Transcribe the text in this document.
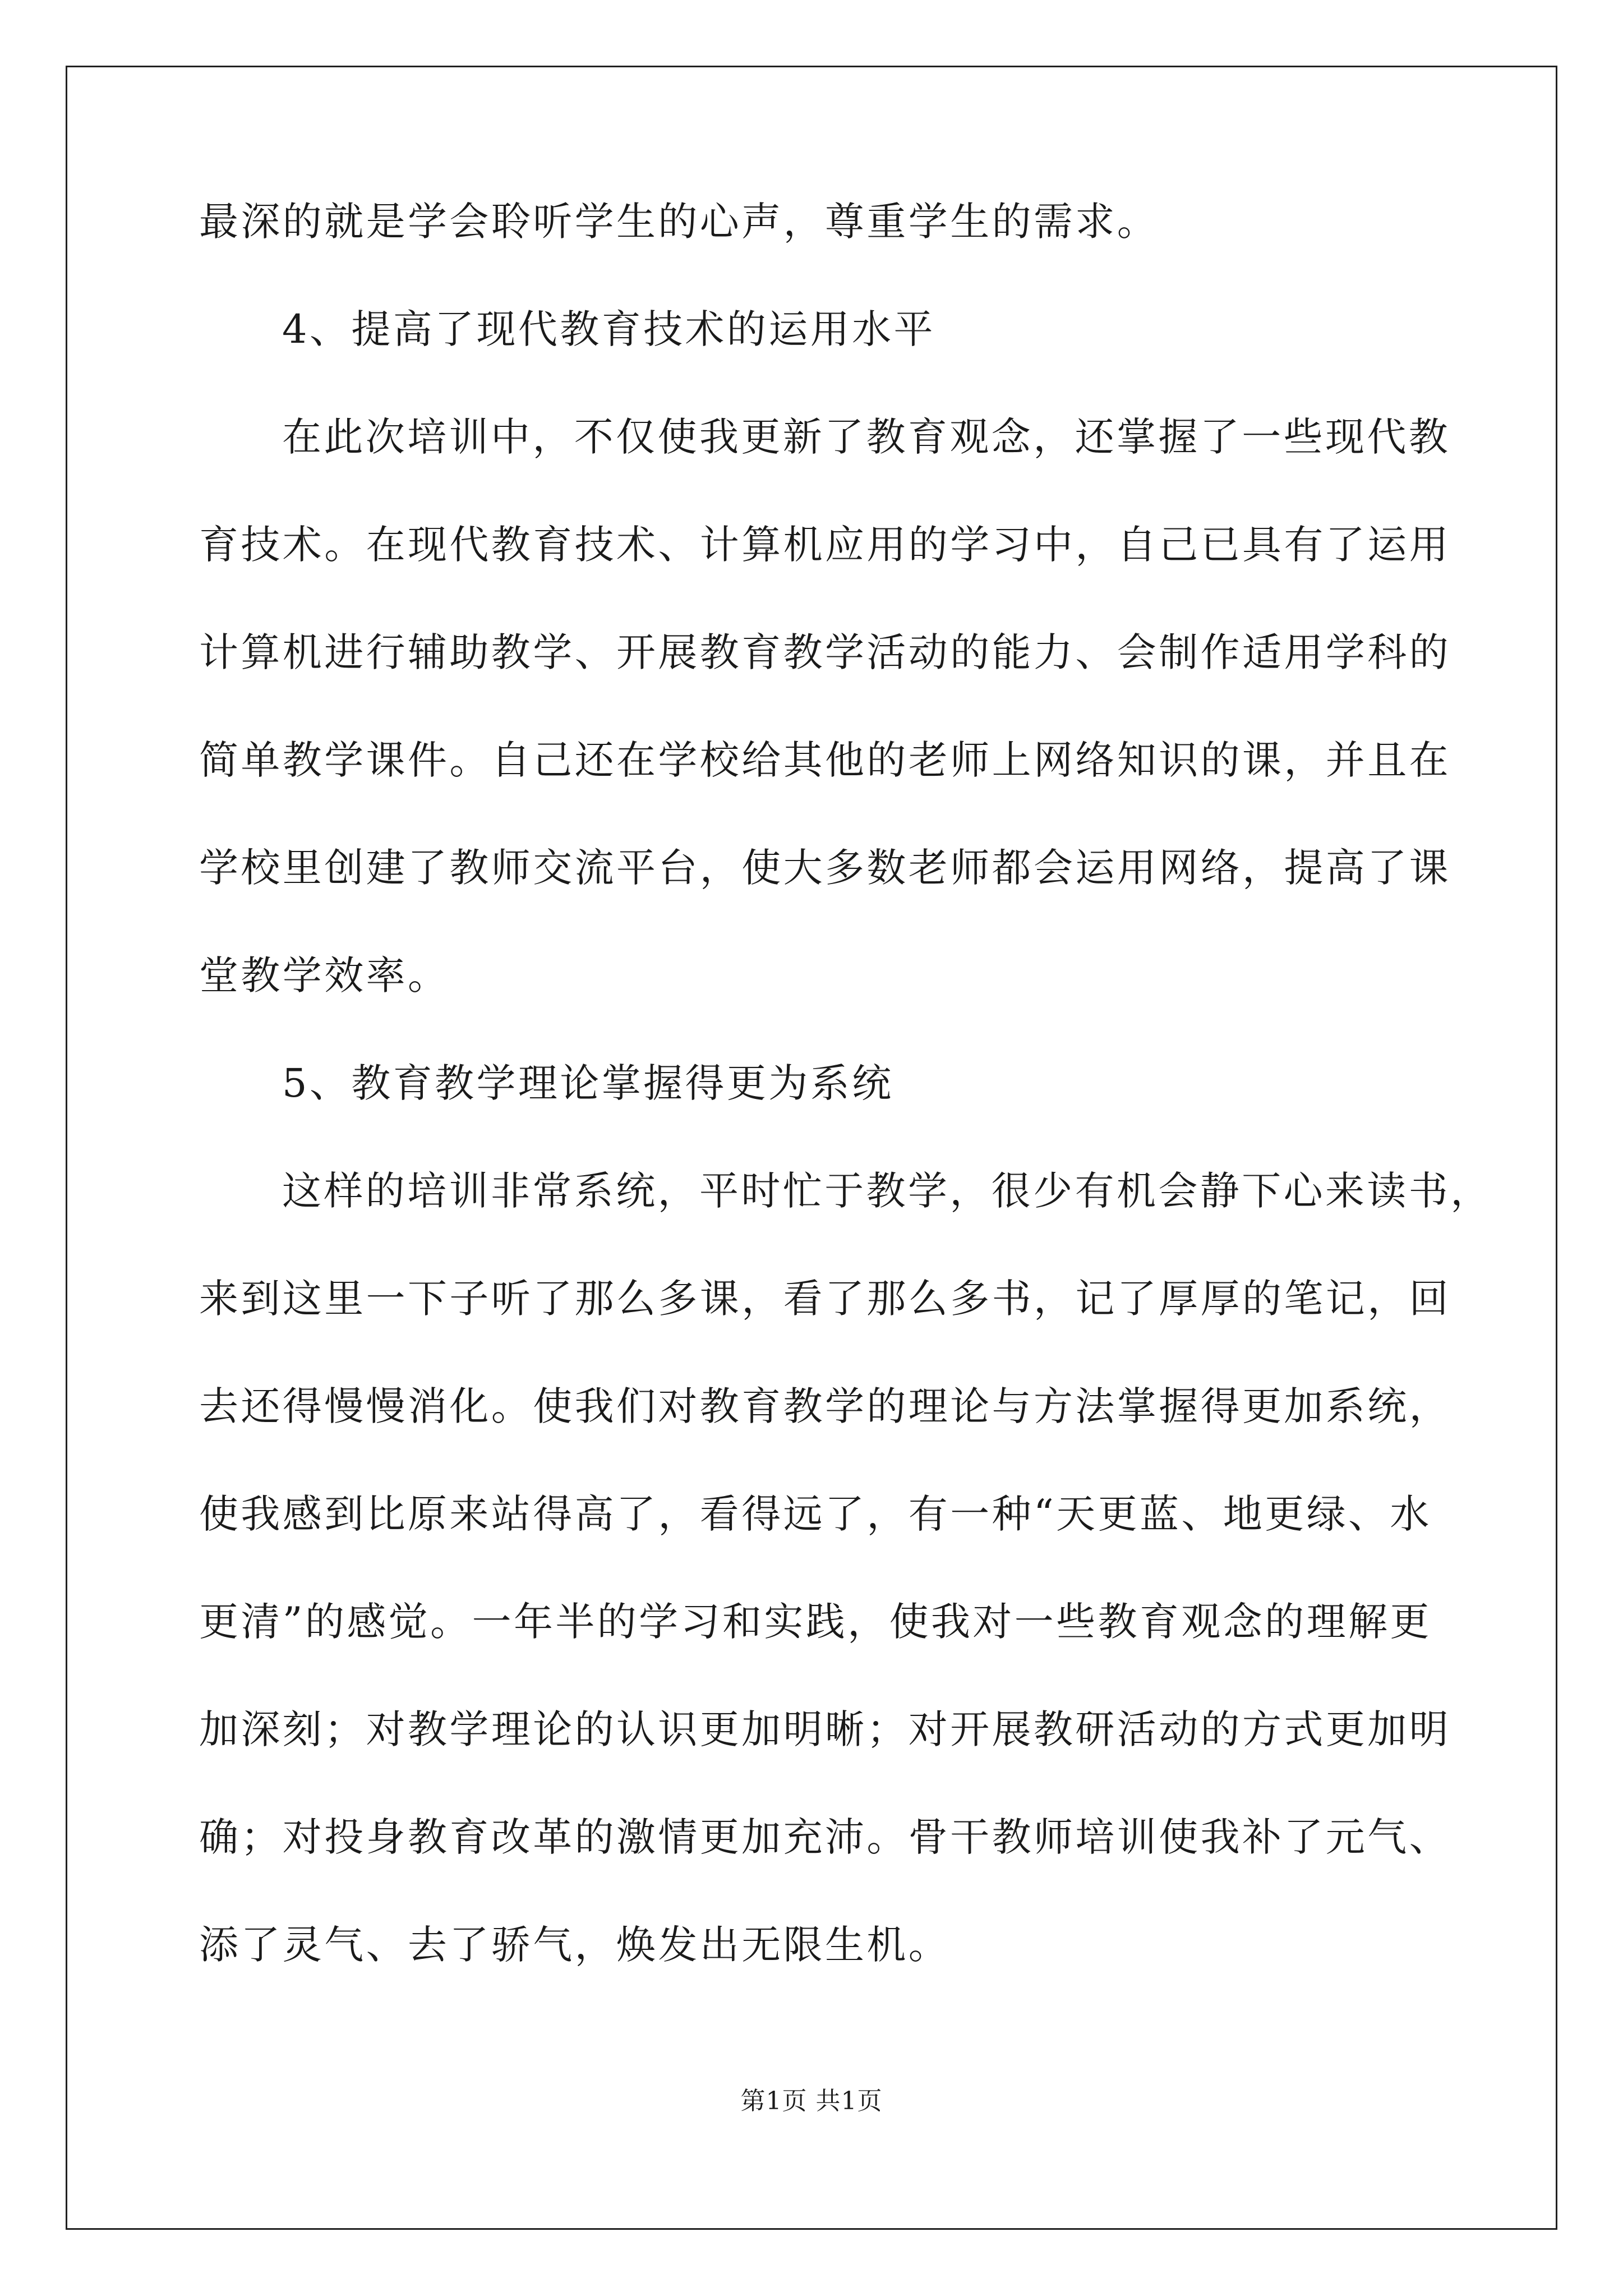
最深的就是学会聆听学生的心声，尊重学生的需求。

4、提高了现代教育技术的运用水平

在此次培训中，不仅使我更新了教育观念，还掌握了一些现代教

育技术。在现代教育技术、计算机应用的学习中，自己已具有了运用

计算机进行辅助教学、开展教育教学活动的能力、会制作适用学科的

简单教学课件。自己还在学校给其他的老师上网络知识的课，并且在

学校里创建了教师交流平台，使大多数老师都会运用网络，提高了课

堂教学效率。

5、教育教学理论掌握得更为系统

这样的培训非常系统，平时忙于教学，很少有机会静下心来读书，

来到这里一下子听了那么多课，看了那么多书，记了厚厚的笔记，回

去还得慢慢消化。使我们对教育教学的理论与方法掌握得更加系统，

使我感到比原来站得高了，看得远了，有一种“天更蓝、地更绿、水

更清”的感觉。一年半的学习和实践，使我对一些教育观念的理解更

加深刻；对教学理论的认识更加明晰；对开展教研活动的方式更加明

确；对投身教育改革的激情更加充沛。骨干教师培训使我补了元气、

添了灵气、去了骄气，焕发出无限生机。

第1页 共1页
